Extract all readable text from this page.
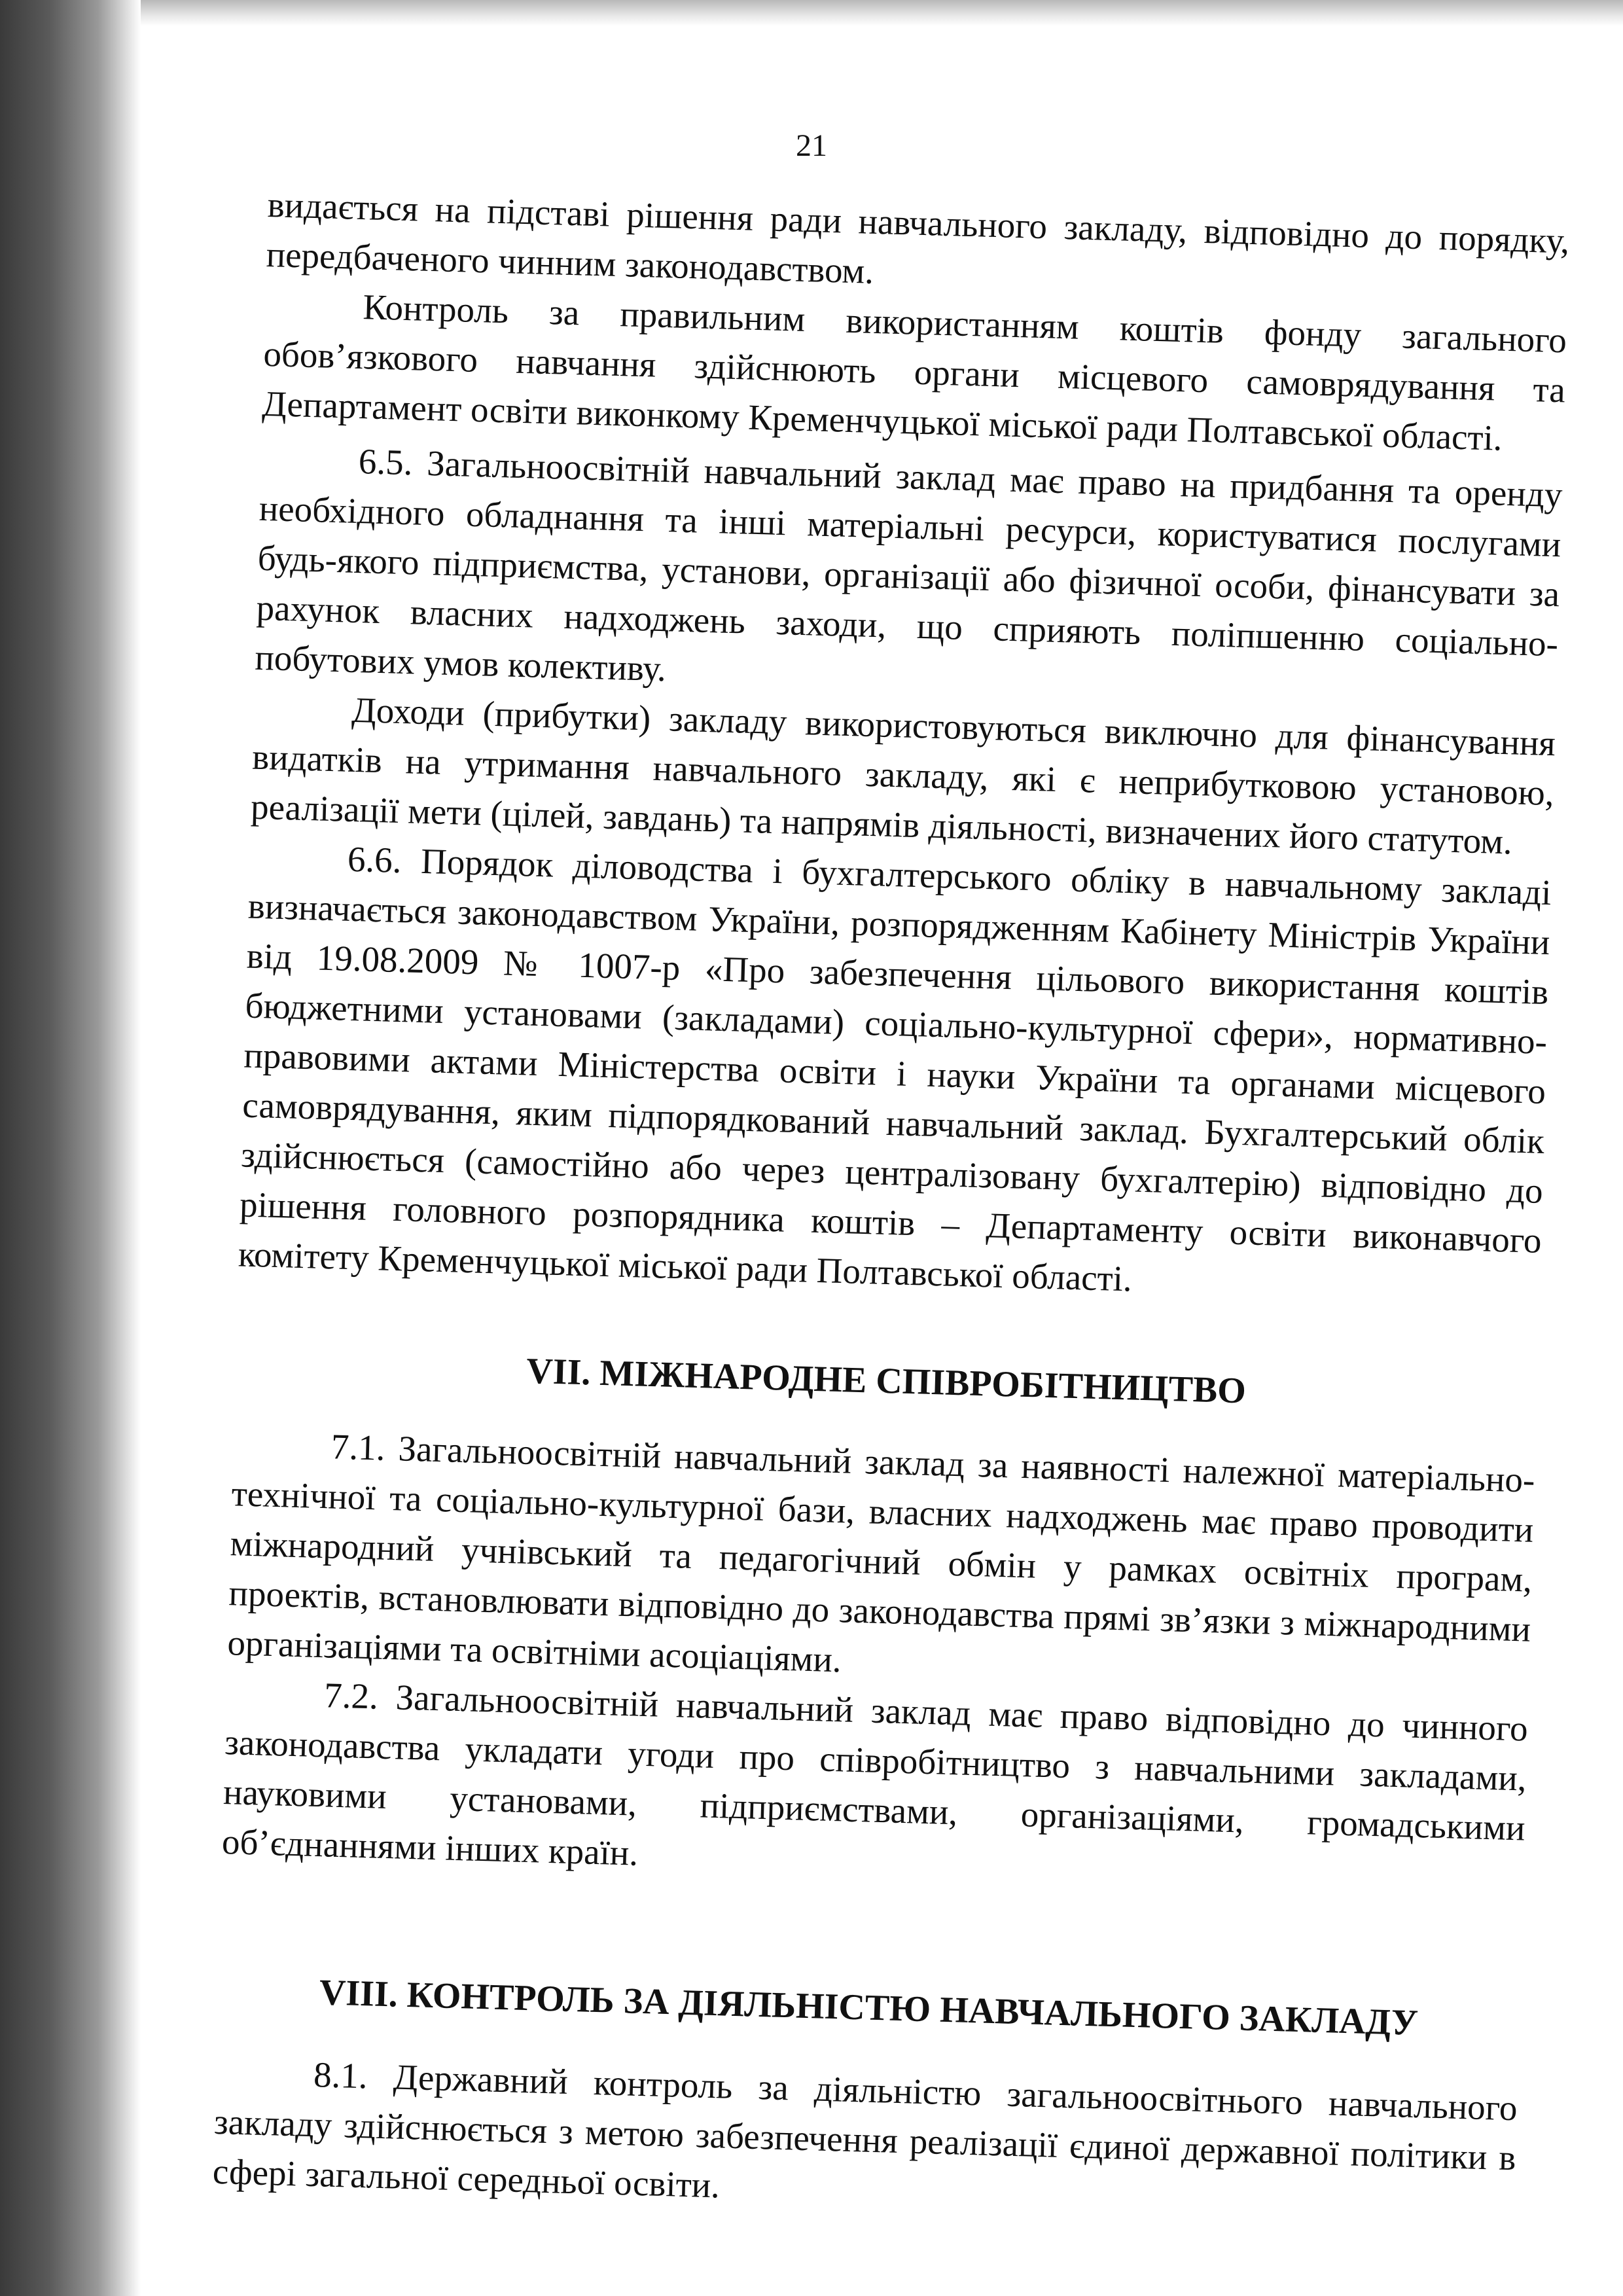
21

видається на підставі рішення ради навчального закладу, відповідно до порядку, передбаченого чинним законодавством.

Контроль за правильним використанням коштів фонду загального обов’язкового навчання здійснюють органи місцевого самоврядування та Департамент освіти виконкому Кременчуцької міської ради Полтавської області.

6.5. Загальноосвітній навчальний заклад має право на придбання та оренду необхідного обладнання та інші матеріальні ресурси, користуватися послугами будь-якого підприємства, установи, організації або фізичної особи, фінансувати за рахунок власних надходжень заходи, що сприяють поліпшенню соціально-побутових умов колективу.

Доходи (прибутки) закладу використовуються виключно для фінансування видатків на утримання навчального закладу, які є неприбутковою установою, реалізації мети (цілей, завдань) та напрямів діяльності, визначених його статутом.

6.6. Порядок діловодства і бухгалтерського обліку в навчальному закладі визначається законодавством України, розпорядженням Кабінету Міністрів України від 19.08.2009 № 1007-р «Про забезпечення цільового використання коштів бюджетними установами (закладами) соціально-культурної сфери», нормативно-правовими актами Міністерства освіти і науки України та органами місцевого самоврядування, яким підпорядкований навчальний заклад. Бухгалтерський облік здійснюється (самостійно або через централізовану бухгалтерію) відповідно до рішення головного розпорядника коштів – Департаменту освіти виконавчого комітету Кременчуцької міської ради Полтавської області.

VII. МІЖНАРОДНЕ СПІВРОБІТНИЦТВО

7.1. Загальноосвітній навчальний заклад за наявності належної матеріально-технічної та соціально-культурної бази, власних надходжень має право проводити міжнародний учнівський та педагогічний обмін у рамках освітніх програм, проектів, встановлювати відповідно до законодавства прямі зв’язки з міжнародними організаціями та освітніми асоціаціями.

7.2. Загальноосвітній навчальний заклад має право відповідно до чинного законодавства укладати угоди про співробітництво з навчальними закладами, науковими установами, підприємствами, організаціями, громадськими об’єднаннями інших країн.

VIII. КОНТРОЛЬ ЗА ДІЯЛЬНІСТЮ НАВЧАЛЬНОГО ЗАКЛАДУ

8.1. Державний контроль за діяльністю загальноосвітнього навчального закладу здійснюється з метою забезпечення реалізації єдиної державної політики в сфері загальної середньої освіти.
